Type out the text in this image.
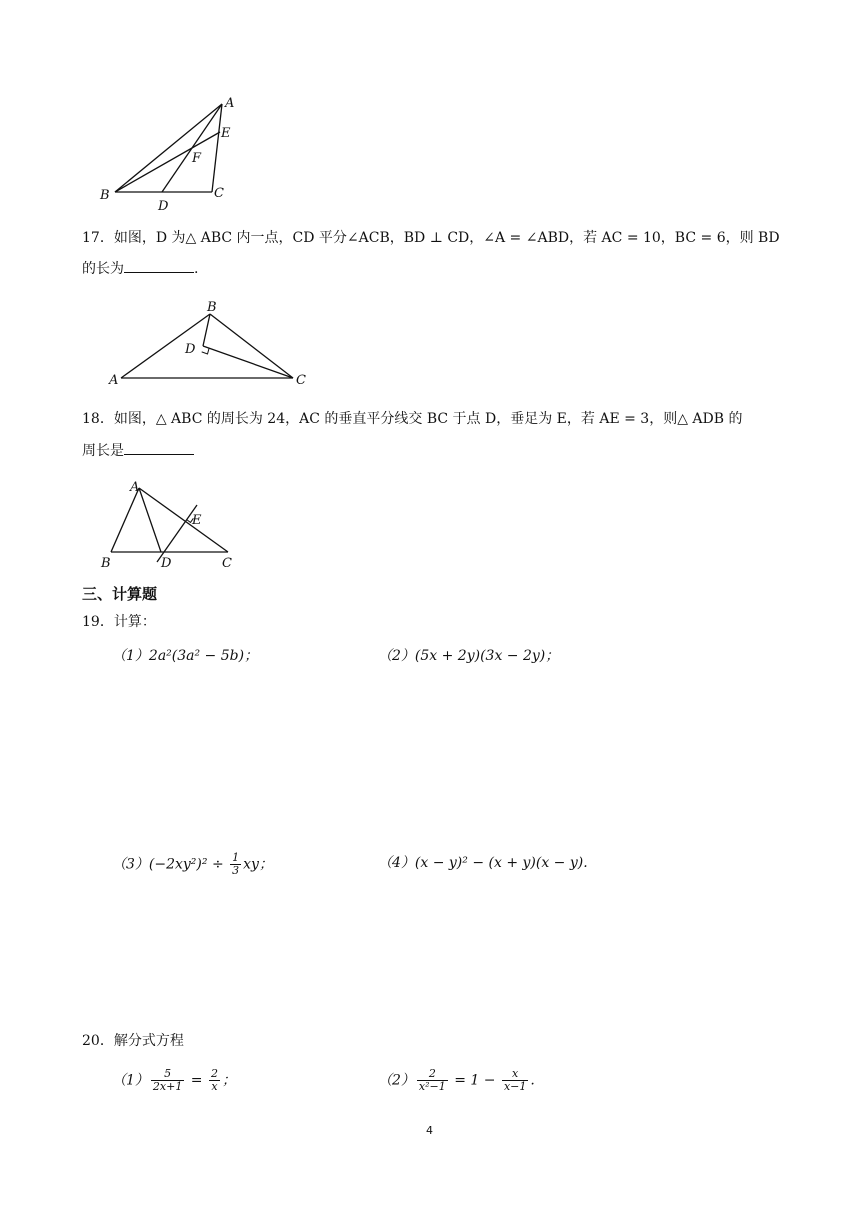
A
B	C
D
E
F
17．如图，D 为△ ABC 内一点，CD 平分∠ACB，BD ⊥ CD，∠A = ∠ABD，若 AC = 10，BC = 6，则 BD
的长为	.
B
D
A	C
18．如图，△ ABC 的周长为 24，AC 的垂直平分线交 BC 于点 D，垂足为 E，若 AE = 3，则△ ADB 的
周长是
A
E
B	D	C
三、计算题
19．计算：
（1）2a²(3a² − 5b)；	（2）(5x + 2y)(3x − 2y)；
$(3)(-2xy^2)^2 \div \frac{1}{3}$ xy；	（4）(x − y)² − (x + y)(x − y).
20．解分式方程
$(1) \frac{5}{2x+1} = \frac{2}{x}$ ；	$(2) \frac{2}{\text{x²−1}} = 1 - \frac{x}{x-1}$ .
4
